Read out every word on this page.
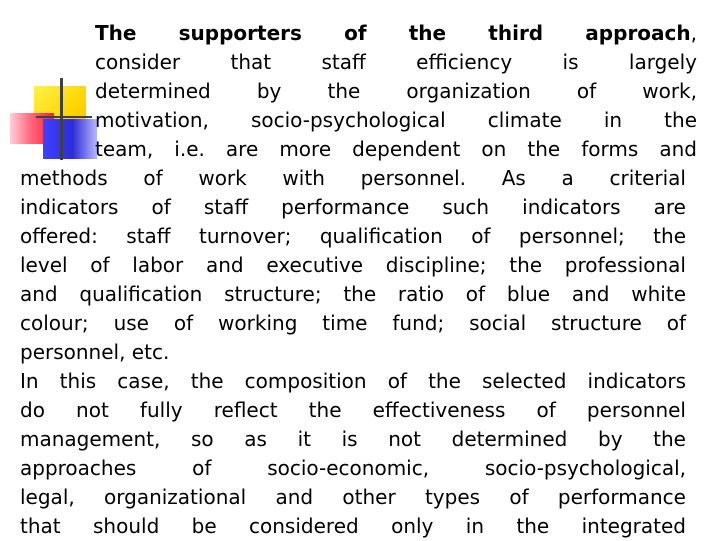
The supporters of the third approach,
consider that staff efficiency is largely
determined by the organization of work,
motivation, socio-psychological climate in the
team, i.e. are more dependent on the forms and
methods of work with personnel. As a criterial
indicators of staff performance such indicators are
offered: staff turnover; qualification of personnel; the
level of labor and executive discipline; the professional
and qualification structure; the ratio of blue and white
colour; use of working time fund; social structure of
personnel, etc.
In this case, the composition of the selected indicators
do not fully reflect the effectiveness of personnel
management, so as it is not determined by the
approaches of socio-economic, socio-psychological,
legal, organizational and other types of performance
that should be considered only in the integrated
